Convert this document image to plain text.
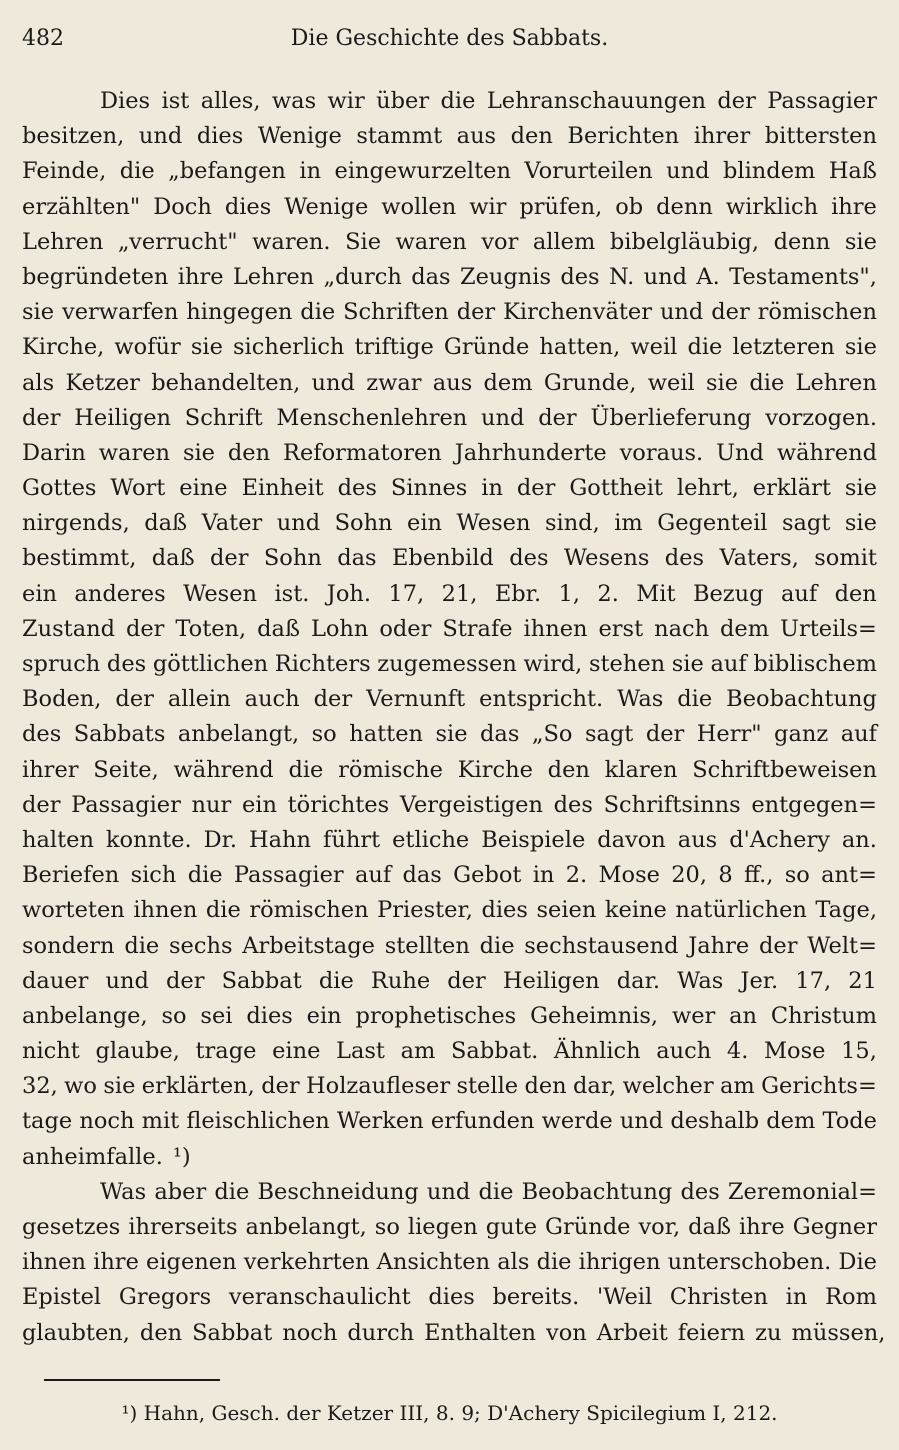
482	Die Geschichte des Sabbats.
Dies ist alles, was wir über die Lehranschauungen der Passagier
besitzen, und dies Wenige stammt aus den Berichten ihrer bittersten
Feinde, die „befangen in eingewurzelten Vorurteilen und blindem Haß
erzählten" Doch dies Wenige wollen wir prüfen, ob denn wirklich ihre
Lehren „verrucht" waren. Sie waren vor allem bibelgläubig, denn sie
begründeten ihre Lehren „durch das Zeugnis des N. und A. Testaments",
sie verwarfen hingegen die Schriften der Kirchenväter und der römischen
Kirche, wofür sie sicherlich triftige Gründe hatten, weil die letzteren sie
als Ketzer behandelten, und zwar aus dem Grunde, weil sie die Lehren
der Heiligen Schrift Menschenlehren und der Überlieferung vorzogen.
Darin waren sie den Reformatoren Jahrhunderte voraus. Und während
Gottes Wort eine Einheit des Sinnes in der Gottheit lehrt, erklärt sie
nirgends, daß Vater und Sohn ein Wesen sind, im Gegenteil sagt sie
bestimmt, daß der Sohn das Ebenbild des Wesens des Vaters, somit
ein anderes Wesen ist. Joh. 17, 21, Ebr. 1, 2. Mit Bezug auf den
Zustand der Toten, daß Lohn oder Strafe ihnen erst nach dem Urteils=
spruch des göttlichen Richters zugemessen wird, stehen sie auf biblischem
Boden, der allein auch der Vernunft entspricht. Was die Beobachtung
des Sabbats anbelangt, so hatten sie das „So sagt der Herr" ganz auf
ihrer Seite, während die römische Kirche den klaren Schriftbeweisen
der Passagier nur ein törichtes Vergeistigen des Schriftsinns entgegen=
halten konnte. Dr. Hahn führt etliche Beispiele davon aus d'Achery an.
Beriefen sich die Passagier auf das Gebot in 2. Mose 20, 8 ff., so ant=
worteten ihnen die römischen Priester, dies seien keine natürlichen Tage,
sondern die sechs Arbeitstage stellten die sechstausend Jahre der Welt=
dauer und der Sabbat die Ruhe der Heiligen dar. Was Jer. 17, 21
anbelange, so sei dies ein prophetisches Geheimnis, wer an Christum
nicht glaube, trage eine Last am Sabbat. Ähnlich auch 4. Mose 15,
32, wo sie erklärten, der Holzaufleser stelle den dar, welcher am Gerichts=
tage noch mit fleischlichen Werken erfunden werde und deshalb dem Tode
anheimfalle. ¹)
Was aber die Beschneidung und die Beobachtung des Zeremonial=
gesetzes ihrerseits anbelangt, so liegen gute Gründe vor, daß ihre Gegner
ihnen ihre eigenen verkehrten Ansichten als die ihrigen unterschoben. Die
Epistel Gregors veranschaulicht dies bereits. 'Weil Christen in Rom
glaubten, den Sabbat noch durch Enthalten von Arbeit feiern zu müssen,
¹) Hahn, Gesch. der Ketzer III, 8. 9; D'Achery Spicilegium I, 212.
